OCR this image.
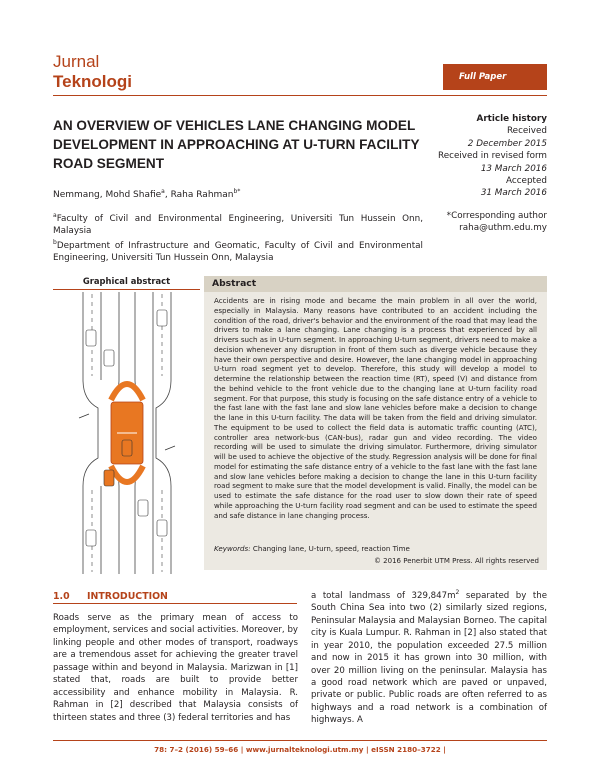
Jurnal
Teknologi	Full Paper
AN OVERVIEW OF VEHICLES LANE CHANGING MODEL DEVELOPMENT IN APPROACHING AT U-TURN FACILITY ROAD SEGMENT
Article history
Received
2 December 2015
Received in revised form
13 March 2016
Accepted
31 March 2016
Nemmang, Mohd Shafie$^a$, Raha Rahman$^{b*}$
$^a$Faculty of Civil and Environmental Engineering, Universiti Tun Hussein Onn, Malaysia
$^b$Department of Infrastructure and Geomatic, Faculty of Civil and Environmental Engineering, Universiti Tun Hussein Onn, Malaysia
*Corresponding author
raha@uthm.edu.my
Graphical abstract	Abstract
Accidents are in rising mode and became the main problem in all over the world, especially in Malaysia. Many reasons have contributed to an accident including the condition of the road, driver's behavior and the environment of the road that may lead the drivers to make a lane changing. Lane changing is a process that experienced by all drivers such as in U-turn segment. In approaching U-turn segment, drivers need to make a decision whenever any disruption in front of them such as diverge vehicle because they have their own perspective and desire. However, the lane changing model in approaching U-turn road segment yet to develop. Therefore, this study will develop a model to determine the relationship between the reaction time (RT), speed (V) and distance from the behind vehicle to the front vehicle due to the changing lane at U-turn facility road segment. For that purpose, this study is focusing on the safe distance entry of a vehicle to the fast lane with the fast lane and slow lane vehicles before make a decision to change the lane in this U-turn facility. The data will be taken from the field and driving simulator. The equipment to be used to collect the field data is automatic traffic counting (ATC), controller area network-bus (CAN-bus), radar gun and video recording. The video recording will be used to simulate the driving simulator. Furthermore, driving simulator will be used to achieve the objective of the study. Regression analysis will be done for final model for estimating the safe distance entry of a vehicle to the fast lane with the fast lane and slow lane vehicles before making a decision to change the lane in this U-turn facility road segment to make sure that the model development is valid. Finally, the model can be used to estimate the safe distance for the road user to slow down their rate of speed while approaching the U-turn facility road segment and can be used to estimate the speed and safe distance in lane changing process.
Keywords: Changing lane, U-turn, speed, reaction Time
© 2016 Penerbit UTM Press. All rights reserved
1.0 INTRODUCTION
Roads serve as the primary mean of access to employment, services and social activities. Moreover, by linking people and other modes of transport, roadways are a tremendous asset for achieving the greater travel passage within and beyond in Malaysia. Marizwan in [1] stated that, roads are built to provide better accessibility and enhance mobility in Malaysia. R. Rahman in [2] described that Malaysia consists of thirteen states and three (3) federal territories and has
a total landmass of $329,847m^2$ separated by the South China Sea into two (2) similarly sized regions, Peninsular Malaysia and Malaysian Borneo. The capital city is Kuala Lumpur. R. Rahman in [2] also stated that in year 2010, the population exceeded 27.5 million and now in 2015 it has grown into 30 million, with over 20 million living on the peninsular. Malaysia has a good road network which are paved or unpaved, private or public. Public roads are often referred to as highways and a road network is a combination of highways. A
78: 7–2 (2016) 59–66 | www.jurnalteknologi.utm.my | eISSN 2180–3722 |
